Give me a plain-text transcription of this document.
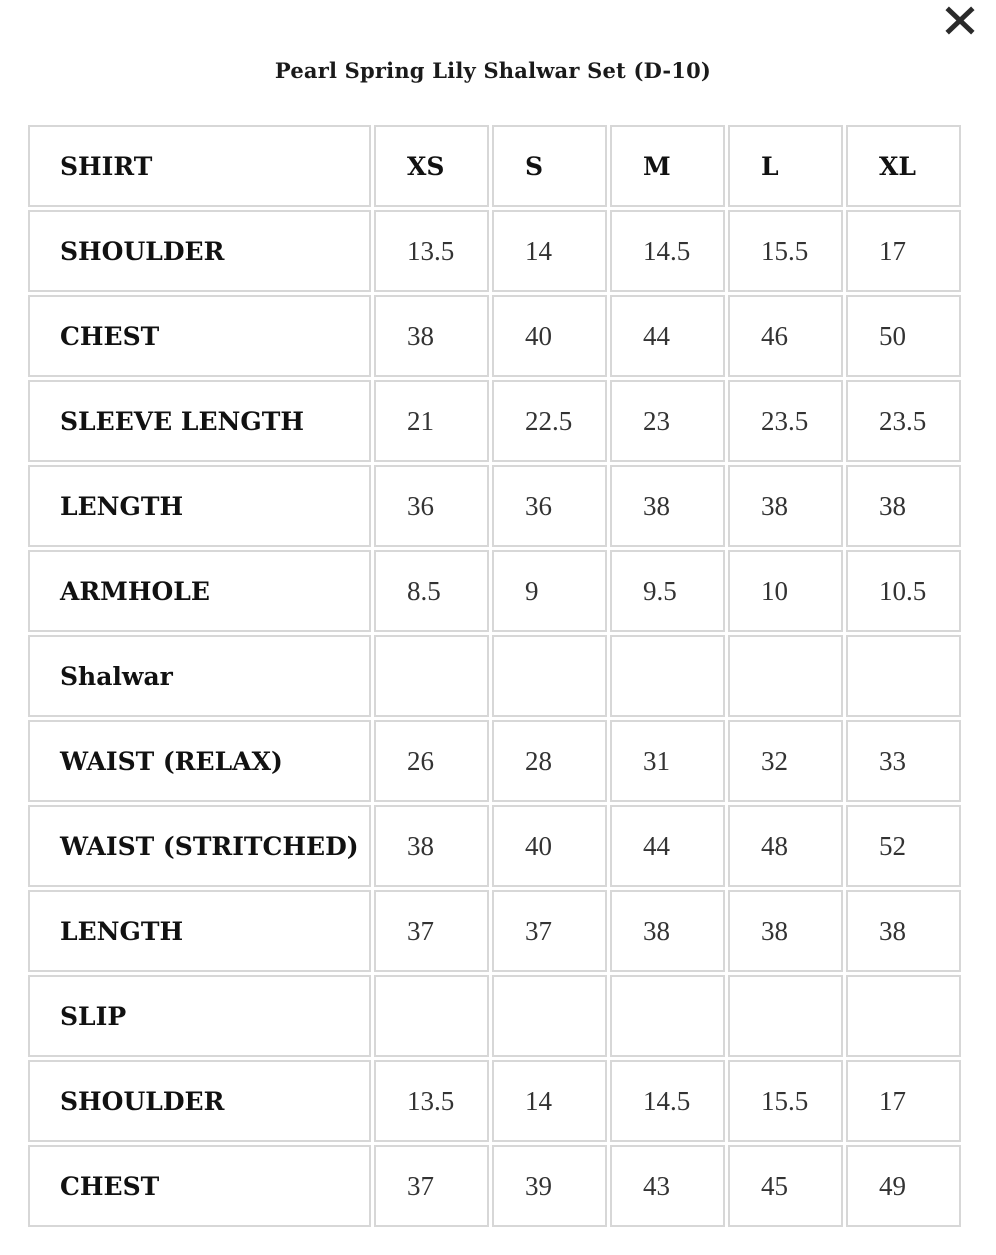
Pearl Spring Lily Shalwar Set (D-10)
SHIRT	XS	S	M	L	XL
SHOULDER	13.5	14	14.5	15.5	17
CHEST	38	40	44	46	50
SLEEVE LENGTH	21	22.5	23	23.5	23.5
LENGTH	36	36	38	38	38
ARMHOLE	8.5	9	9.5	10	10.5
Shalwar					
WAIST (RELAX)	26	28	31	32	33
WAIST (STRITCHED)	38	40	44	48	52
LENGTH	37	37	38	38	38
SLIP					
SHOULDER	13.5	14	14.5	15.5	17
CHEST	37	39	43	45	49
